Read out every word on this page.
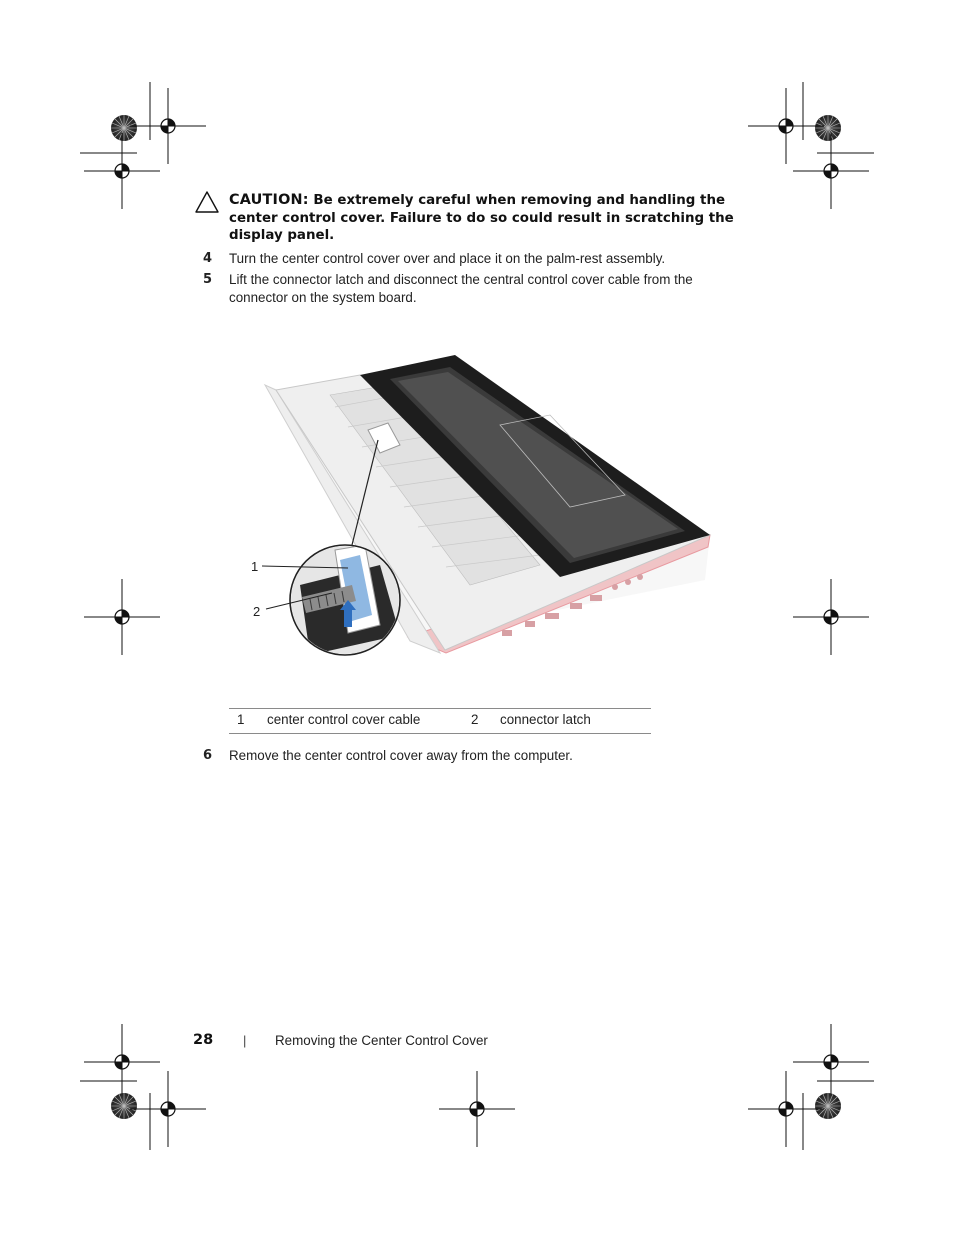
CAUTION: Be extremely careful when removing and handling the center control cover. Failure to do so could result in scratching the display panel.
4	Turn the center control cover over and place it on the palm-rest assembly.
5	Lift the connector latch and disconnect the central control cover cable from the connector on the system board.
1
2
1 center control cover cable	2 connector latch
6	Remove the center control cover away from the computer.
28 | Removing the Center Control Cover
